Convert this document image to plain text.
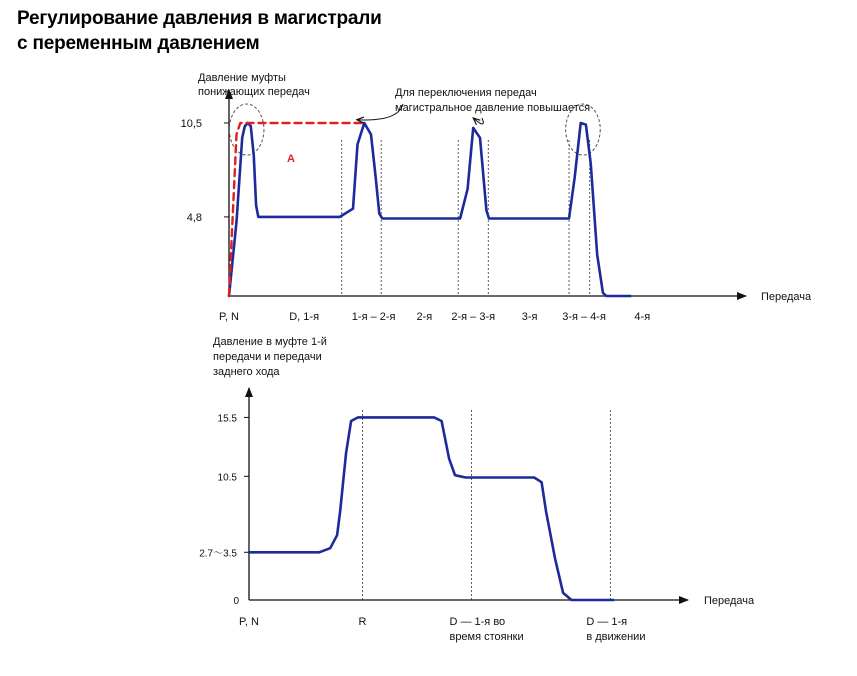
Регулирование давления в магистрали
с переменным давлением
10,5
4,8
Давление муфты
понижающих передач
Передача
P, N	D, 1-я	1-я – 2-я 2-я 2-я – 3-я 3-я 3-я – 4-я	4-я
A
Для переключения передач
магистральное давление повышается
15.5
10.5
2.7～3.5
0
Давление в муфте 1-й
передачи и передачи
заднего хода
Передача
P, N	R	D — 1-я во время стоянки
D — 1-я в движении
